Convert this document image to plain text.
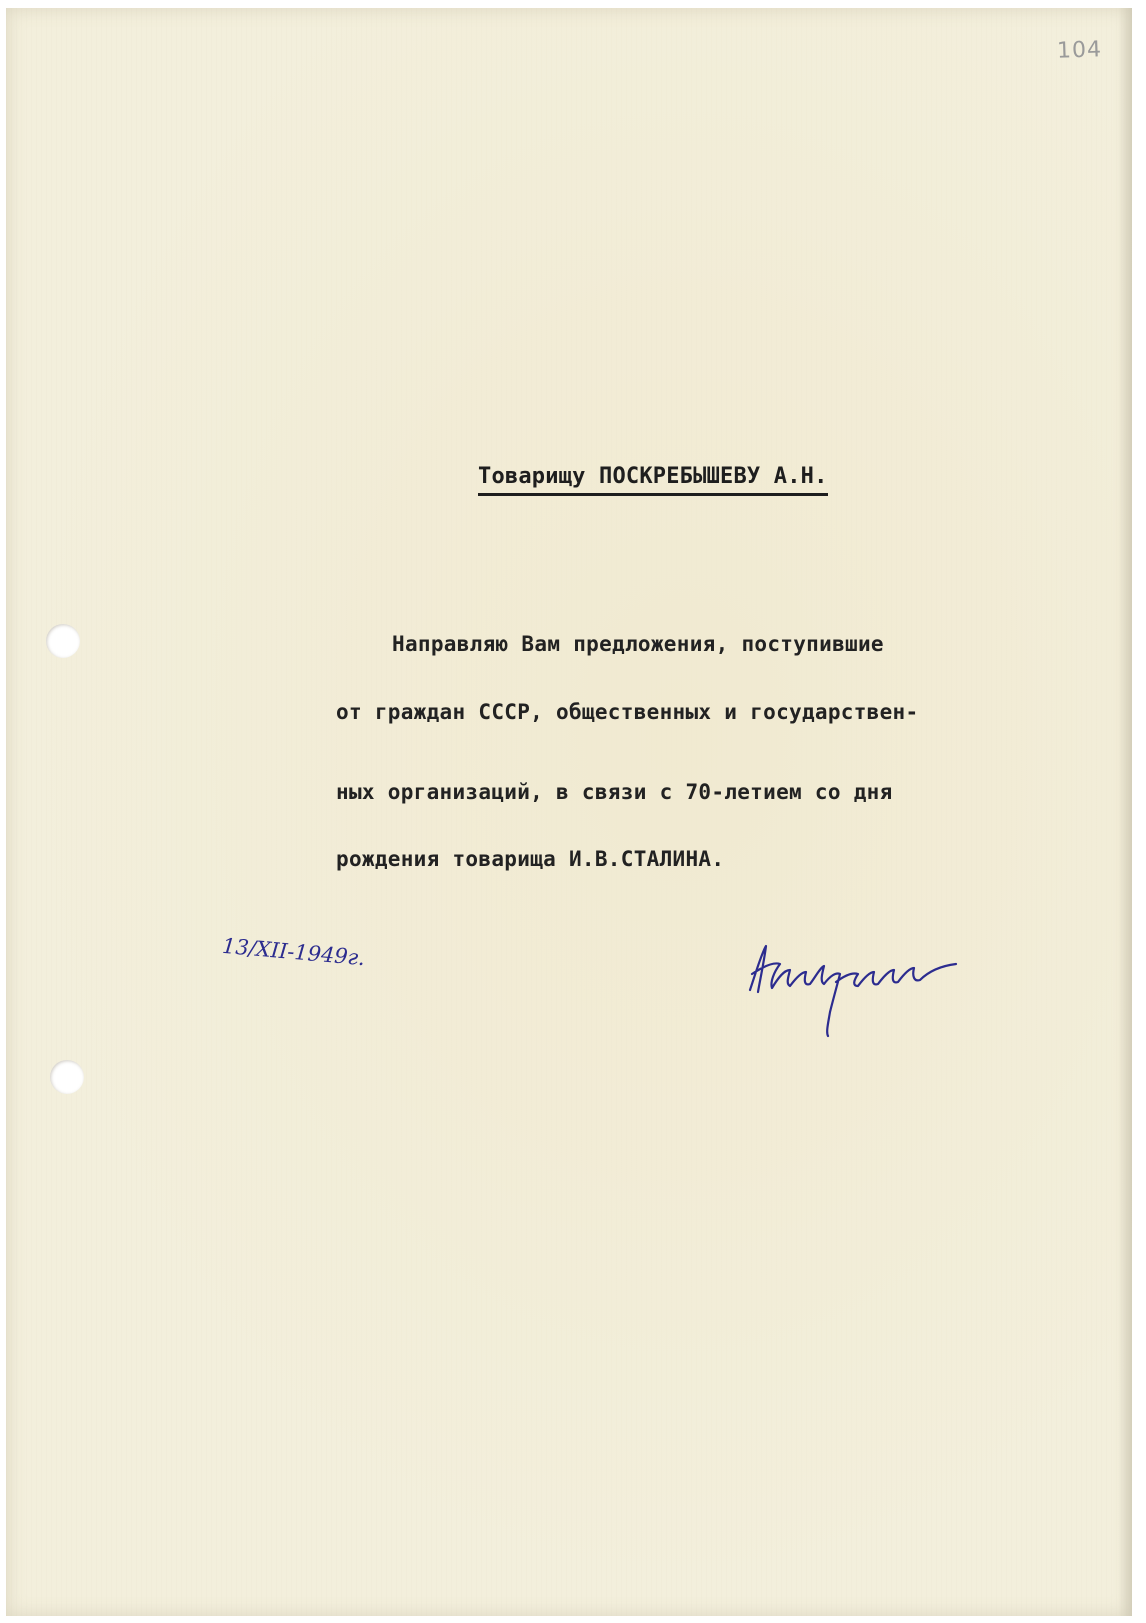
104
Товарищу ПОСКРЕБЫШЕВУ А.Н.
Направляю Вам предложения, поступившие
от граждан СССР, общественных и государствен-
ных организаций, в связи с 70-летием со дня
рождения товарища И.В.СТАЛИНА.
13/XII-1949г.
